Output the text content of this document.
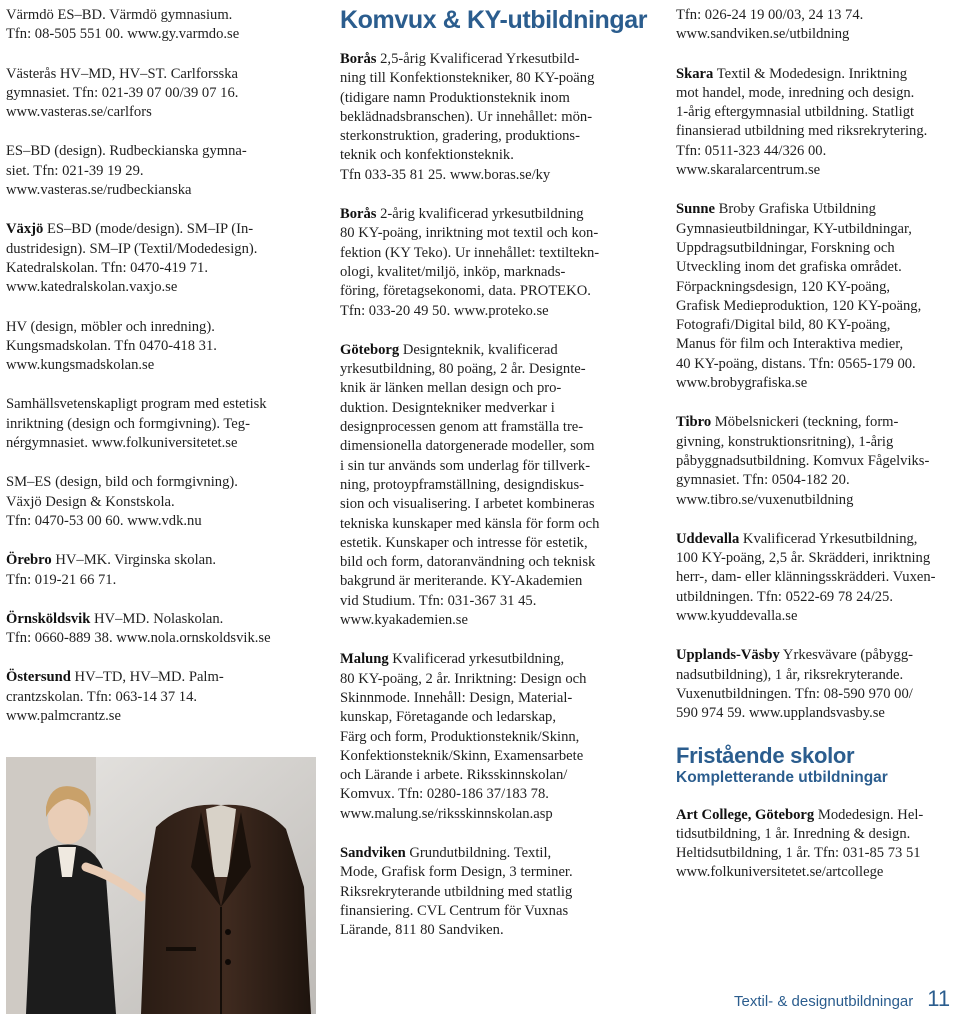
Värmdö ES–BD. Värmdö gymnasium.
Tfn: 08-505 551 00. www.gy.varmdo.se
Västerås HV–MD, HV–ST. Carlforsska
gymnasiet. Tfn: 021-39 07 00/39 07 16.
www.vasteras.se/carlfors
ES–BD (design). Rudbeckianska gymna-
siet. Tfn: 021-39 19 29.
www.vasteras.se/rudbeckianska
Växjö ES–BD (mode/design). SM–IP (In-
dustridesign). SM–IP (Textil/Modedesign).
Katedralskolan. Tfn: 0470-419 71.
www.katedralskolan.vaxjo.se
HV (design, möbler och inredning).
Kungsmadskolan. Tfn 0470-418 31.
www.kungsmadskolan.se
Samhällsvetenskapligt program med estetisk
inriktning (design och formgivning). Teg-
nérgymnasiet. www.folkuniversitetet.se
SM–ES (design, bild och formgivning).
Växjö Design & Konstskola.
Tfn: 0470-53 00 60. www.vdk.nu
Örebro HV–MK. Virginska skolan.
Tfn: 019-21 66 71.
Örnsköldsvik HV–MD. Nolaskolan.
Tfn: 0660-889 38. www.nola.ornskoldsvik.se
Östersund HV–TD, HV–MD. Palm-
crantzskolan. Tfn: 063-14 37 14.
www.palmcrantz.se
Komvux & KY-utbildningar
Borås 2,5-årig Kvalificerad Yrkesutbild-
ning till Konfektionstekniker, 80 KY-poäng
(tidigare namn Produktionsteknik inom
beklädnadsbranschen). Ur innehållet: mön-
sterkonstruktion, gradering, produktions-
teknik och konfektionsteknik.
Tfn 033-35 81 25. www.boras.se/ky
Borås 2-årig kvalificerad yrkesutbildning
80 KY-poäng, inriktning mot textil och kon-
fektion (KY Teko). Ur innehållet: textiltekn-
ologi, kvalitet/miljö, inköp, marknads-
föring, företagsekonomi, data. PROTEKO.
Tfn: 033-20 49 50. www.proteko.se
Göteborg Designteknik, kvalificerad
yrkesutbildning, 80 poäng, 2 år. Designte-
knik är länken mellan design och pro-
duktion. Designtekniker medverkar i
designprocessen genom att framställa tre-
dimensionella datorgenerade modeller, som
i sin tur används som underlag för tillverk-
ning, protoypframställning, designdiskus-
sion och visualisering. I arbetet kombineras
tekniska kunskaper med känsla för form och
estetik. Kunskaper och intresse för estetik,
bild och form, datoranvändning och teknisk
bakgrund är meriterande. KY-Akademien
vid Studium. Tfn: 031-367 31 45.
www.kyakademien.se
Malung Kvalificerad yrkesutbildning,
80 KY-poäng, 2 år. Inriktning: Design och
Skinnmode. Innehåll: Design, Material-
kunskap, Företagande och ledarskap,
Färg och form, Produktionsteknik/Skinn,
Konfektionsteknik/Skinn, Examensarbete
och Lärande i arbete. Riksskinnskolan/
Komvux. Tfn: 0280-186 37/183 78.
www.malung.se/riksskinnskolan.asp
Sandviken Grundutbildning. Textil,
Mode, Grafisk form Design, 3 terminer.
Riksrekryterande utbildning med statlig
finansiering. CVL Centrum för Vuxnas
Lärande, 811 80 Sandviken.
Tfn: 026-24 19 00/03, 24 13 74.
www.sandviken.se/utbildning
Skara Textil & Modedesign. Inriktning
mot handel, mode, inredning och design.
1-årig eftergymnasial utbildning. Statligt
finansierad utbildning med riksrekrytering.
Tfn: 0511-323 44/326 00.
www.skaralarcentrum.se
Sunne Broby Grafiska Utbildning
Gymnasieutbildningar, KY-utbildningar,
Uppdragsutbildningar, Forskning och
Utveckling inom det grafiska området.
Förpackningsdesign, 120 KY-poäng,
Grafisk Medieproduktion, 120 KY-poäng,
Fotografi/Digital bild, 80 KY-poäng,
Manus för film och Interaktiva medier,
40 KY-poäng, distans. Tfn: 0565-179 00.
www.brobygrafiska.se
Tibro Möbelsnickeri (teckning, form-
givning, konstruktionsritning), 1-årig
påbyggnadsutbildning. Komvux Fågelviks-
gymnasiet. Tfn: 0504-182 20.
www.tibro.se/vuxenutbildning
Uddevalla Kvalificerad Yrkesutbildning,
100 KY-poäng, 2,5 år. Skrädderi, inriktning
herr-, dam- eller klänningsskrädderi. Vuxen-
utbildningen. Tfn: 0522-69 78 24/25.
www.kyuddevalla.se
Upplands-Väsby Yrkesvävare (påbygg-
nadsutbildning), 1 år, riksrekryterande.
Vuxenutbildningen. Tfn: 08-590 970 00/
590 974 59. www.upplandsvasby.se
Fristående skolor
Kompletterande utbildningar
Art College, Göteborg Modedesign. Hel-
tidsutbildning, 1 år. Inredning & design.
Heltidsutbildning, 1 år. Tfn: 031-85 73 51
www.folkuniversitetet.se/artcollege
Textil- & designutbildningar 11
